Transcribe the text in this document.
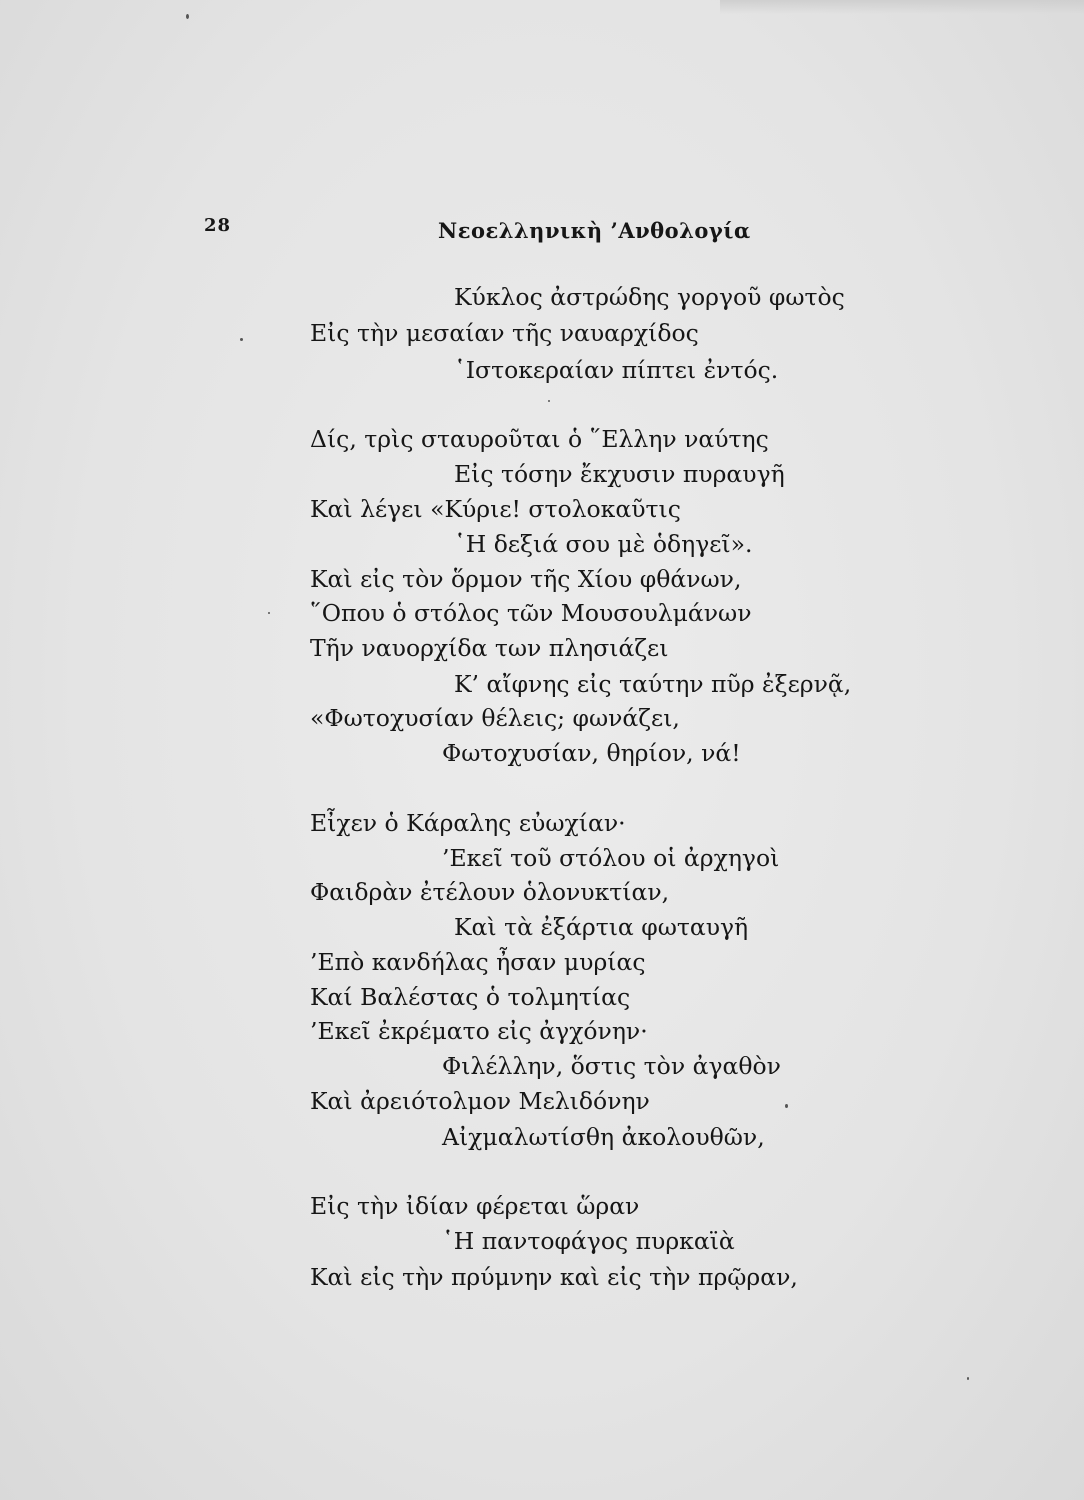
28	Νεοελληνικὴ ’Ανθολογία
Κύκλος ἀστρώδης γοργοῦ φωτὸς
Εἰς τὴν μεσαίαν τῆς ναυαρχίδος
῾Ιστοκεραίαν πίπτει ἐντός.
Δίς, τρὶς σταυροῦται ὁ ῞Ελλην ναύτης
Εἰς τόσην ἔκχυσιν πυραυγῆ
Καὶ λέγει «Κύριε! στολοκαῦτις
῾Η δεξιά σου μὲ ὁδηγεῖ».
Καὶ εἰς τὸν ὅρμον τῆς Χίου φθάνων,
῞Οπου ὁ στόλος τῶν Μουσουλμάνων
Τῆν ναυορχίδα των πλησιάζει
Κ’ αἴφνης εἰς ταύτην πῦρ ἐξερνᾷ,
«Φωτοχυσίαν θέλεις; φωνάζει,
Φωτοχυσίαν, θηρίον, νά!
Εἶχεν ὁ Κάραλης εὐωχίαν·
’Εκεῖ τοῦ στόλου οἱ ἀρχηγοὶ
Φαιδρὰν ἐτέλουν ὁλονυκτίαν,
Καὶ τὰ ἐξάρτια φωταυγῆ
’Επὸ κανδήλας ἦσαν μυρίας
Καί Βαλέστας ὁ τολμητίας
’Εκεῖ ἐκρέματο εἰς ἀγχόνην·
Φιλέλλην, ὅστις τὸν ἀγαθὸν
Καὶ ἀρειότολμον Μελιδόνην
Αἰχμαλωτίσθη ἀκολουθῶν,
Εἰς τὴν ἰδίαν φέρεται ὥραν
῾Η παντοφάγος πυρκαϊὰ
Καὶ εἰς τὴν πρύμνην καὶ εἰς τὴν πρῷραν,
